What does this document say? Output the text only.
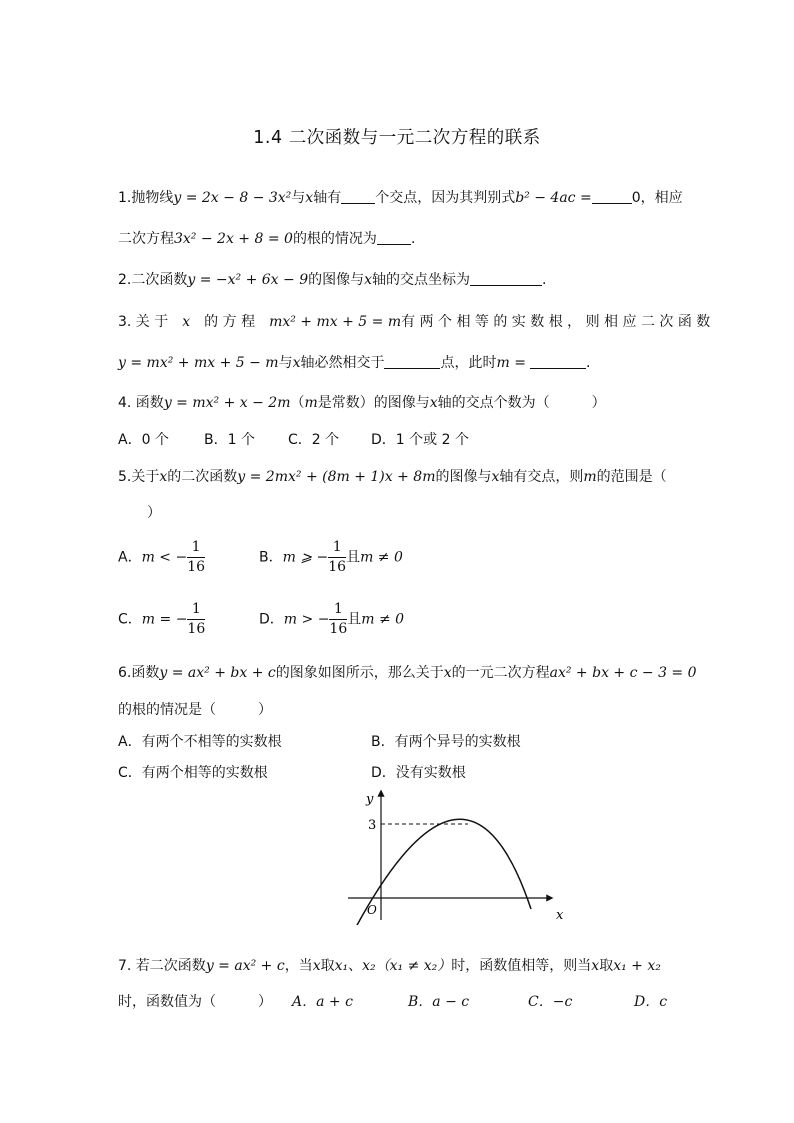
1.4 二次函数与一元二次方程的联系
1.抛物线y = 2x − 8 − 3x²与x轴有 个交点，因为其判别式b² − 4ac =	0，相应
二次方程3x² − 2x + 8 = 0的根的情况为 .
2.二次函数y = −x² + 6x − 9的图像与x轴的交点坐标为	.
3. 关 于　 x　 的 方 程　 mx² + mx + 5 = m有 两 个 相 等 的 实 数 根 ， 则 相 应 二 次 函 数
y = mx² + mx + 5 − m与x轴必然相交于	点，此时m =	.
4. 函数y = mx² + x − 2m（m是常数）的图像与x轴的交点个数为（　　　）
A．0 个	B．1 个 C．2 个 D．1 个或 2 个
5.关于x的二次函数y = 2mx² + (8m + 1)x + 8m的图像与x轴有交点，则m的范围是（
）
A．m < − $\frac{1}{16}$	B．m ⩾ − $\frac{1}{16}$ 且m ≠ 0
C．m = − $\frac{1}{16}$	D．m > − $\frac{1}{16}$ 且m ≠ 0
6.函数y = ax² + bx + c的图象如图所示，那么关于x的一元二次方程ax² + bx + c − 3 = 0
的根的情况是（　　　）
A．有两个不相等的实数根	B．有两个异号的实数根
C．有两个相等的实数根	D．没有实数根
y
x
O
3
7. 若二次函数y = ax² + c，当x取x₁、x₂（x₁ ≠ x₂）时，函数值相等，则当x取x₁ + x₂
时，函数值为（　　　） A．a + c	B．a − c	C．−c	D．c
